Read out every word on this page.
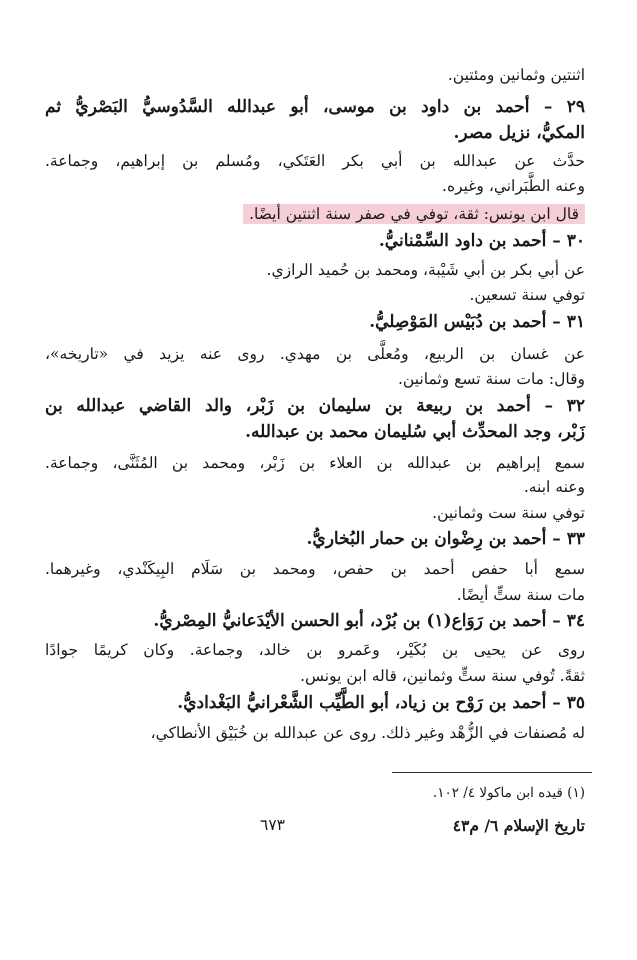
اثنتين وثمانين ومئتين.
٢٩ – أحمد بن داود بن موسى، أبو عبدالله السَّدُوسيُّ البَصْريُّ ثم
المكيُّ، نزيل مصر.
حدَّث عن عبدالله بن أبي بكر العَتَكي، ومُسلم بن إبراهيم، وجماعة.
وعنه الطَّبَراني، وغيره.
قال ابن يونس: ثقة، توفي في صفر سنة اثنتين أيضًا.
٣٠ – أحمد بن داود السِّمْنانيُّ.
عن أبي بكر بن أبي شَيْبة، ومحمد بن حُميد الرازي.
توفي سنة تسعين.
٣١ – أحمد بن دُبَيْس المَوْصِليُّ.
عن غسان بن الربيع، ومُعلَّى بن مهدي. روى عنه يزيد في «تاريخه»،
وقال: مات سنة تسع وثمانين.
٣٢ – أحمد بن ربيعة بن سليمان بن زَبْر، والد القاضي عبدالله بن
زَبْر، وجد المحدِّث أبي سُليمان محمد بن عبدالله.
سمع إبراهيم بن عبدالله بن العلاء بن زَبْر، ومحمد بن المُثَنَّى، وجماعة.
وعنه ابنه.
توفي سنة ست وثمانين.
٣٣ – أحمد بن رِضْوان بن حمار البُخاريُّ.
سمع أبا حفص أحمد بن حفص، ومحمد بن سَلَام البِيكَنْدي، وغيرهما.
مات سنة ستٍّ أيضًا.
٣٤ – أحمد بن رَوَاع(١) بن بُرْد، أبو الحسن الأيْدَعانيُّ المِصْريُّ.
روى عن يحيى بن بُكَيْر، وعَمرو بن خالد، وجماعة. وكان كريمًا جوادًا
ثقةً. تُوفي سنة ستٍّ وثمانين، قاله ابن يونس.
٣٥ – أحمد بن رَوْح بن زياد، أبو الطَّيِّب الشَّعْرانيُّ البَغْداديُّ.
له مُصنفات في الزُّهْد وغير ذلك. روى عن عبدالله بن خُبَيْق الأنطاكي،
(١) قيده ابن ماكولا ٤/ ١٠٢.
تاريخ الإسلام ٦/ م٤٣
٦٧٣
